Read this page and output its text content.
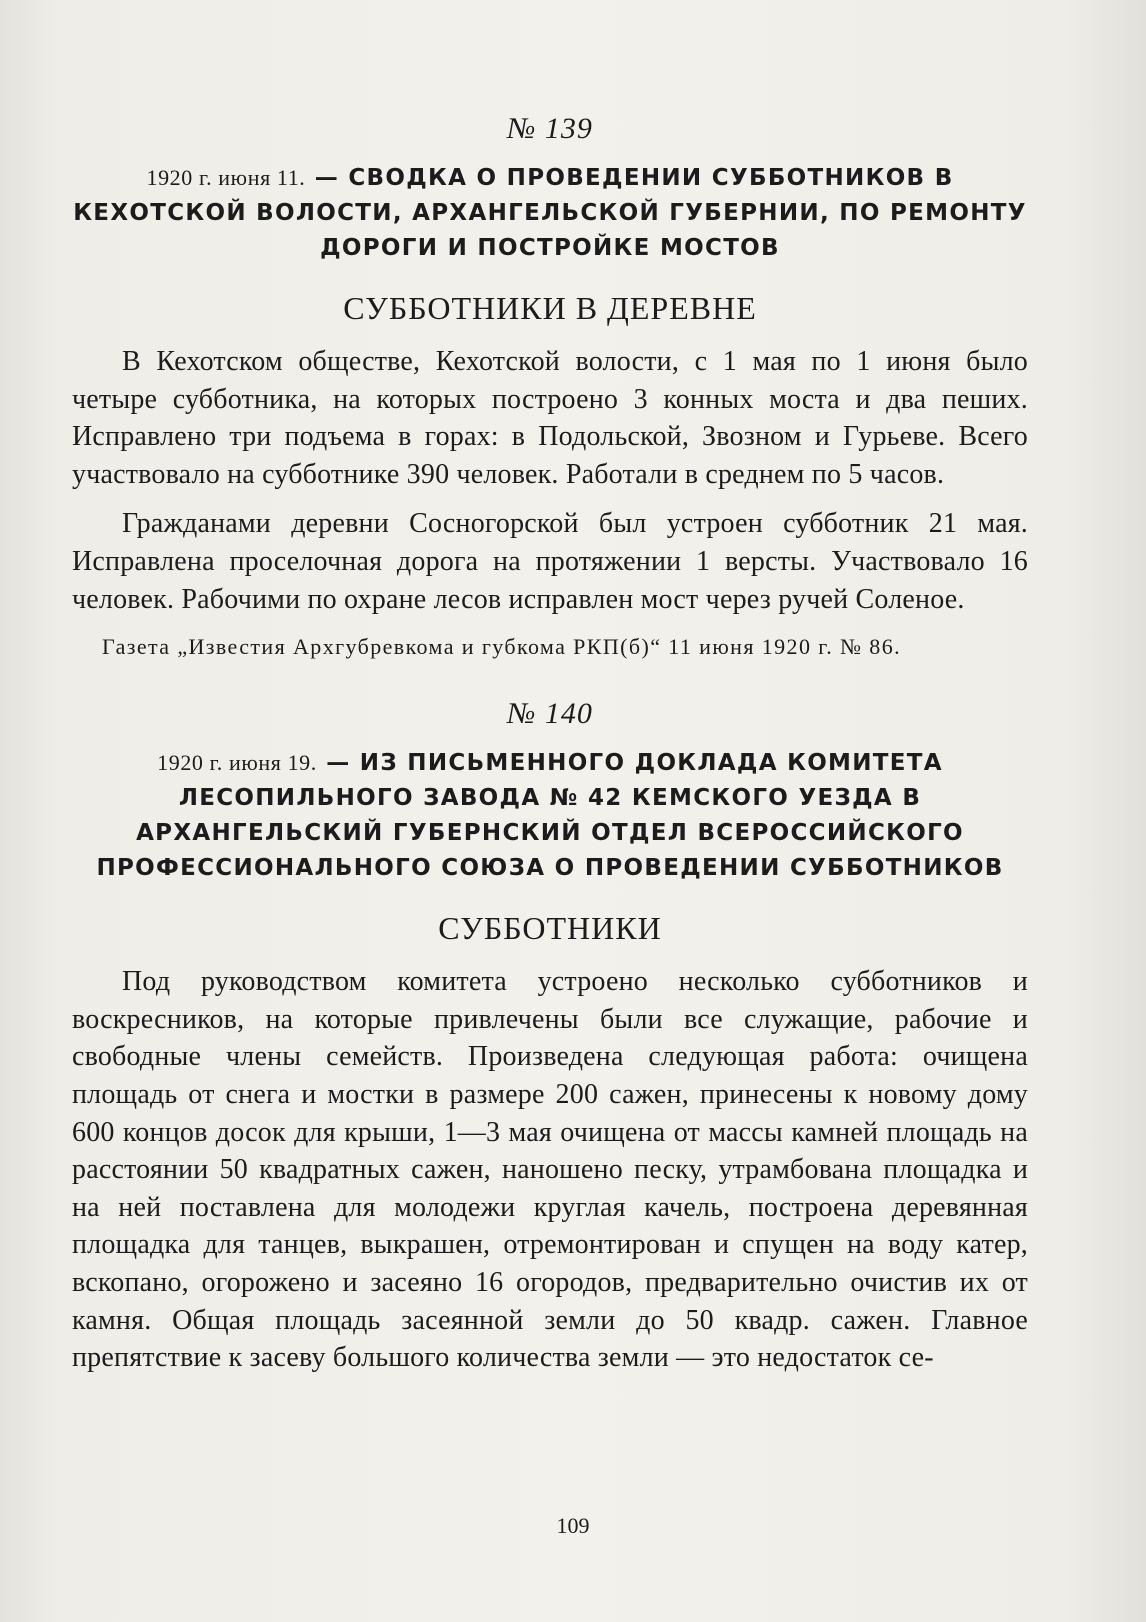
№ 139
1920 г. июня 11. — СВОДКА О ПРОВЕДЕНИИ СУББОТНИКОВ В КЕХОТСКОЙ ВОЛОСТИ, АРХАНГЕЛЬСКОЙ ГУБЕРНИИ, ПО РЕМОНТУ ДОРОГИ И ПОСТРОЙКЕ МОСТОВ
СУББОТНИКИ В ДЕРЕВНЕ

В Кехотском обществе, Кехотской волости, с 1 мая по 1 июня было четыре субботника, на которых построено 3 конных моста и два пеших. Исправлено три подъема в горах: в Подольской, Звозном и Гурьеве. Всего участвовало на субботнике 390 человек. Работали в среднем по 5 часов.

Гражданами деревни Сосногорской был устроен субботник 21 мая. Исправлена проселочная дорога на протяжении 1 версты. Участвовало 16 человек. Рабочими по охране лесов исправлен мост через ручей Соленое.

Газета „Известия Архгубревкома и губкома РКП(б)“ 11 июня 1920 г. № 86.

№ 140
1920 г. июня 19. — ИЗ ПИСЬМЕННОГО ДОКЛАДА КОМИТЕТА ЛЕСОПИЛЬНОГО ЗАВОДА № 42 КЕМСКОГО УЕЗДА В АРХАНГЕЛЬСКИЙ ГУБЕРНСКИЙ ОТДЕЛ ВСЕРОССИЙСКОГО ПРОФЕССИОНАЛЬНОГО СОЮЗА О ПРОВЕДЕНИИ СУББОТНИКОВ
СУББОТНИКИ

Под руководством комитета устроено несколько субботников и воскресников, на которые привлечены были все служащие, рабочие и свободные члены семейств. Произведена следующая работа: очищена площадь от снега и мостки в размере 200 сажен, принесены к новому дому 600 концов досок для крыши, 1—3 мая очищена от массы камней площадь на расстоянии 50 квадратных сажен, наношено песку, утрамбована площадка и на ней поставлена для молодежи круглая качель, построена деревянная площадка для танцев, выкрашен, отремонтирован и спущен на воду катер, вскопано, огорожено и засеяно 16 огородов, предварительно очистив их от камня. Общая площадь засеянной земли до 50 квадр. сажен. Главное препятствие к засеву большого количества земли — это недостаток се-

109
